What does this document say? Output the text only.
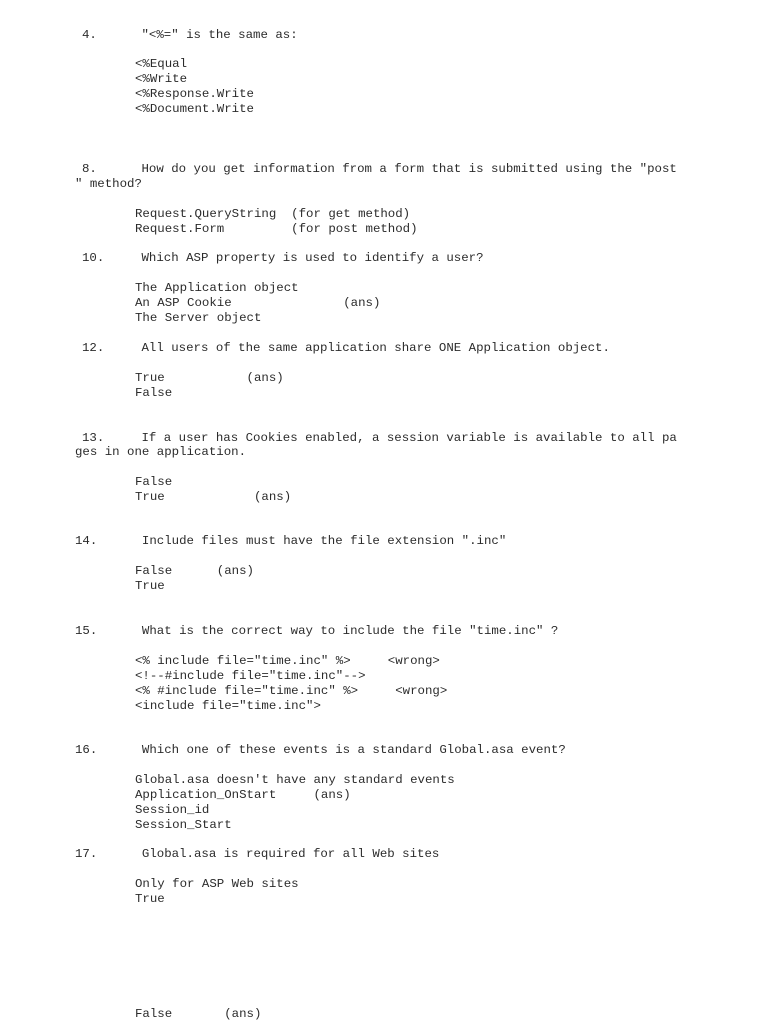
4.      "<%=" is the same as:
<%Equal
<%Write
<%Response.Write
<%Document.Write
8.      How do you get information from a form that is submitted using the "post
" method?
Request.QueryString  (for get method)
Request.Form         (for post method)
10.     Which ASP property is used to identify a user?
The Application object
An ASP Cookie               (ans)
The Server object
12.     All users of the same application share ONE Application object.
True           (ans)
False
13.     If a user has Cookies enabled, a session variable is available to all pa
ges in one application.
False
True            (ans)
14.      Include files must have the file extension ".inc"
False      (ans)
True
15.      What is the correct way to include the file "time.inc" ?
<% include file="time.inc" %>     <wrong>
<!--#include file="time.inc"-->
<% #include file="time.inc" %>     <wrong>
<include file="time.inc">
16.      Which one of these events is a standard Global.asa event?
Global.asa doesn't have any standard events
Application_OnStart     (ans)
Session_id
Session_Start
17.      Global.asa is required for all Web sites
Only for ASP Web sites
True
False       (ans)
